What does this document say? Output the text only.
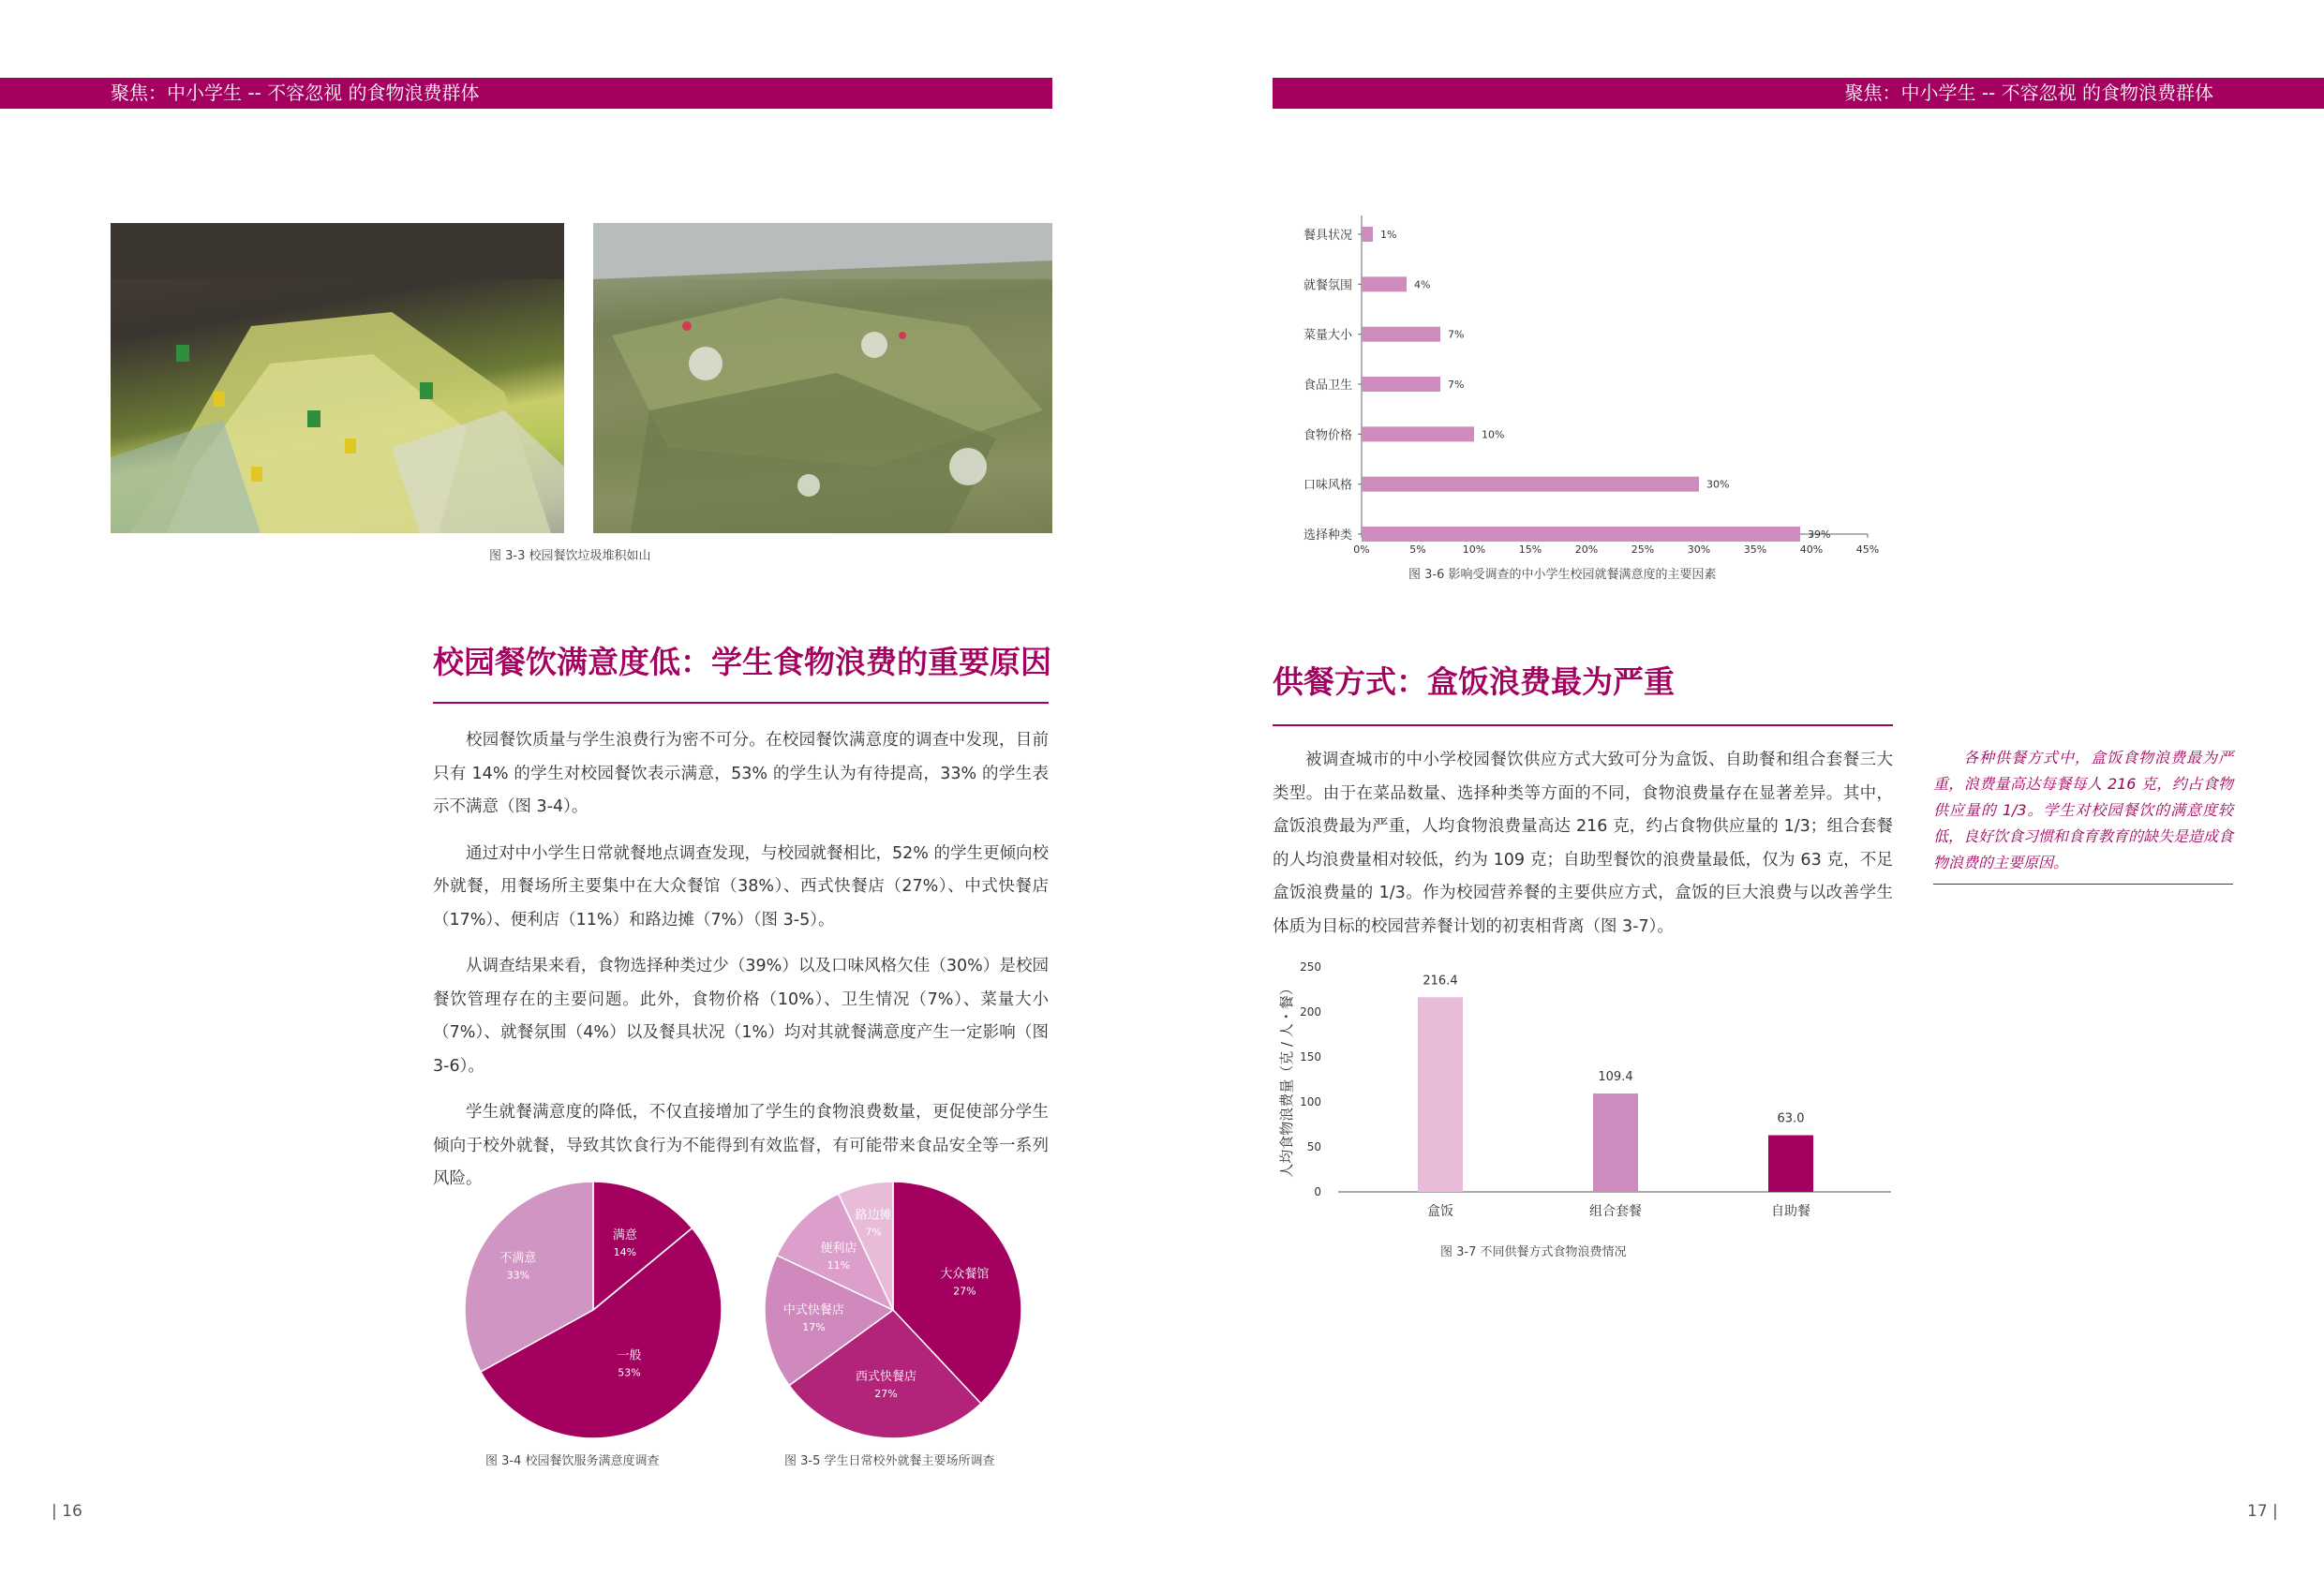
聚焦：中小学生 -- 不容忽视 的食物浪费群体	聚焦：中小学生 -- 不容忽视 的食物浪费群体
图 3-3 校园餐饮垃圾堆积如山
校园餐饮满意度低：学生食物浪费的重要原因

校园餐饮质量与学生浪费行为密不可分。在校园餐饮满意度的调查中发现，目前只有 14% 的学生对校园餐饮表示满意，53% 的学生认为有待提高，33% 的学生表示不满意（图 3-4）。

通过对中小学生日常就餐地点调查发现，与校园就餐相比，52% 的学生更倾向校外就餐，用餐场所主要集中在大众餐馆（38%）、西式快餐店（27%）、中式快餐店（17%）、便利店（11%）和路边摊（7%）（图 3-5）。

从调查结果来看，食物选择种类过少（39%）以及口味风格欠佳（30%）是校园餐饮管理存在的主要问题。此外，食物价格（10%）、卫生情况（7%）、菜量大小（7%）、就餐氛围（4%）以及餐具状况（1%）均对其就餐满意度产生一定影响（图 3-6）。

学生就餐满意度的降低，不仅直接增加了学生的食物浪费数量，更促使部分学生倾向于校外就餐，导致其饮食行为不能得到有效监督，有可能带来食品安全等一系列风险。

满意
14%
一般
53%
不满意
33%
图 3-4 校园餐饮服务满意度调查
大众餐馆
27%
西式快餐店
27%
中式快餐店
17%
便利店
11%
路边摊
7%
图 3-5 学生日常校外就餐主要场所调查
0%	5%	10%	15%	20%	25%	30%	35%	40%	45%
餐具状况	1%
就餐氛围	4%
菜量大小	7%
食品卫生	7%
食物价格	10%
口味风格	30%
选择种类	39%
图 3-6 影响受调查的中小学生校园就餐满意度的主要因素
供餐方式：盒饭浪费最为严重

被调查城市的中小学校园餐饮供应方式大致可分为盒饭、自助餐和组合套餐三大类型。由于在菜品数量、选择种类等方面的不同，食物浪费量存在显著差异。其中，盒饭浪费最为严重，人均食物浪费量高达 216 克，约占食物供应量的 1/3；组合套餐的人均浪费量相对较低，约为 109 克；自助型餐饮的浪费量最低，仅为 63 克，不足盒饭浪费量的 1/3。作为校园营养餐的主要供应方式，盒饭的巨大浪费与以改善学生体质为目标的校园营养餐计划的初衷相背离（图 3-7）。

各种供餐方式中，盒饭食物浪费最为严重，浪费量高达每餐每人 216 克，约占食物供应量的 1/3。学生对校园餐饮的满意度较低，良好饮食习惯和食育教育的缺失是造成食物浪费的主要原因。
0
50
100
150
200
250
人均食物浪费量（克 / 人・餐）
216.4
盒饭
109.4
组合套餐
63.0
自助餐
图 3-7 不同供餐方式食物浪费情况
| 16	17 |
